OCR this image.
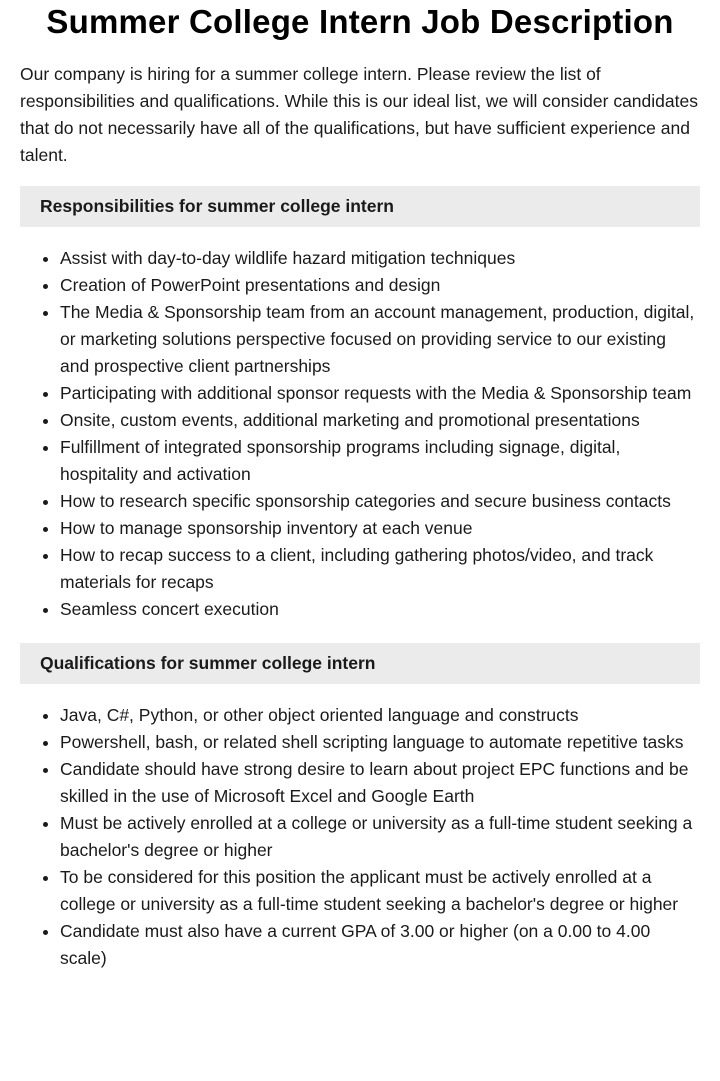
Summer College Intern Job Description

Our company is hiring for a summer college intern. Please review the list of responsibilities and qualifications. While this is our ideal list, we will consider candidates that do not necessarily have all of the qualifications, but have sufficient experience and talent.

Responsibilities for summer college intern
• Assist with day-to-day wildlife hazard mitigation techniques
• Creation of PowerPoint presentations and design
• The Media & Sponsorship team from an account management, production, digital, or marketing solutions perspective focused on providing service to our existing and prospective client partnerships
• Participating with additional sponsor requests with the Media & Sponsorship team
• Onsite, custom events, additional marketing and promotional presentations
• Fulfillment of integrated sponsorship programs including signage, digital, hospitality and activation
• How to research specific sponsorship categories and secure business contacts
• How to manage sponsorship inventory at each venue
• How to recap success to a client, including gathering photos/video, and track materials for recaps
• Seamless concert execution
Qualifications for summer college intern
• Java, C#, Python, or other object oriented language and constructs
• Powershell, bash, or related shell scripting language to automate repetitive tasks
• Candidate should have strong desire to learn about project EPC functions and be skilled in the use of Microsoft Excel and Google Earth
• Must be actively enrolled at a college or university as a full-time student seeking a bachelor's degree or higher
• To be considered for this position the applicant must be actively enrolled at a college or university as a full-time student seeking a bachelor's degree or higher
• Candidate must also have a current GPA of 3.00 or higher (on a 0.00 to 4.00 scale)
